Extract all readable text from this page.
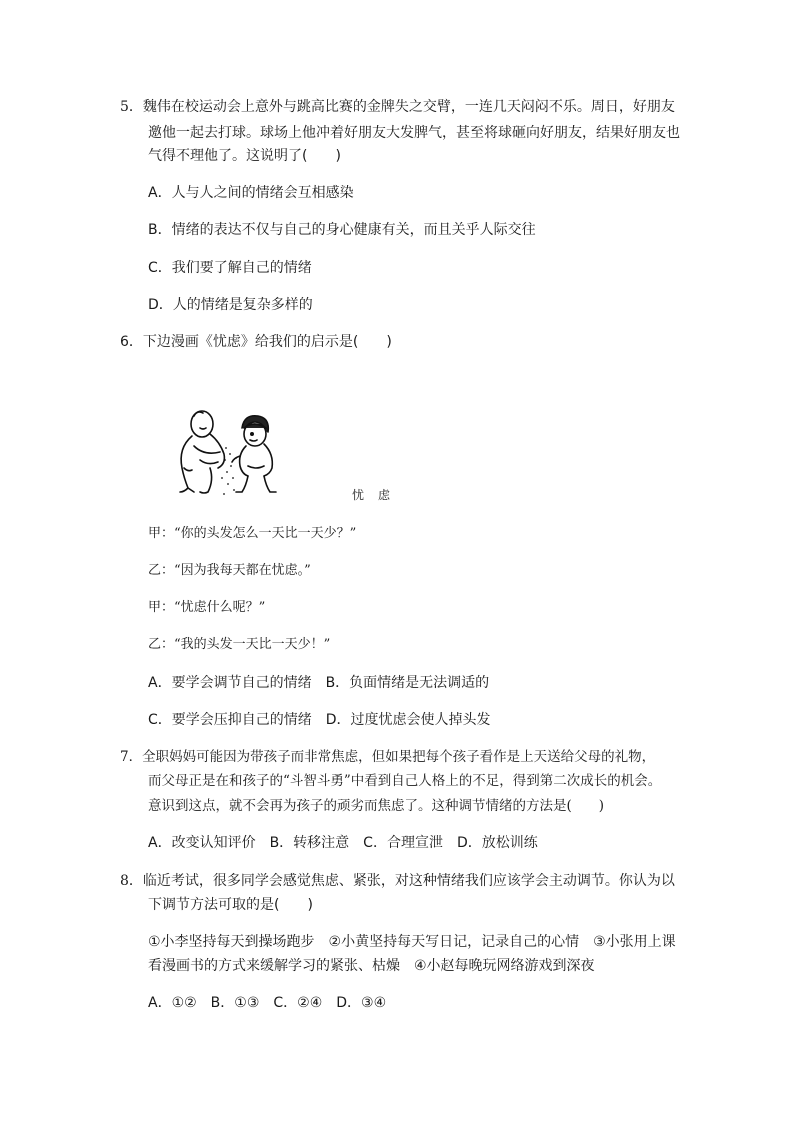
5．魏伟在校运动会上意外与跳高比赛的金牌失之交臂，一连几天闷闷不乐。周日，好朋友
邀他一起去打球。球场上他冲着好朋友大发脾气，甚至将球砸向好朋友，结果好朋友也
气得不理他了。这说明了(　　)
A．人与人之间的情绪会互相感染
B．情绪的表达不仅与自己的身心健康有关，而且关乎人际交往
C．我们要了解自己的情绪
D．人的情绪是复杂多样的
6．下边漫画《忧虑》给我们的启示是(　　)
忧虑
甲：“你的头发怎么一天比一天少？”
乙：“因为我每天都在忧虑。”
甲：“忧虑什么呢？”
乙：“我的头发一天比一天少！”
A．要学会调节自己的情绪　B．负面情绪是无法调适的
C．要学会压抑自己的情绪　D．过度忧虑会使人掉头发
7．全职妈妈可能因为带孩子而非常焦虑，但如果把每个孩子看作是上天送给父母的礼物，
而父母正是在和孩子的“斗智斗勇”中看到自己人格上的不足，得到第二次成长的机会。
意识到这点，就不会再为孩子的顽劣而焦虑了。这种调节情绪的方法是(　　)
A．改变认知评价　B．转移注意　C．合理宣泄　D．放松训练
8．临近考试，很多同学会感觉焦虑、紧张，对这种情绪我们应该学会主动调节。你认为以
下调节方法可取的是(　　)
①小李坚持每天到操场跑步　②小黄坚持每天写日记，记录自己的心情　③小张用上课
看漫画书的方式来缓解学习的紧张、枯燥　④小赵每晚玩网络游戏到深夜
A．①②　B．①③　C．②④　D．③④
